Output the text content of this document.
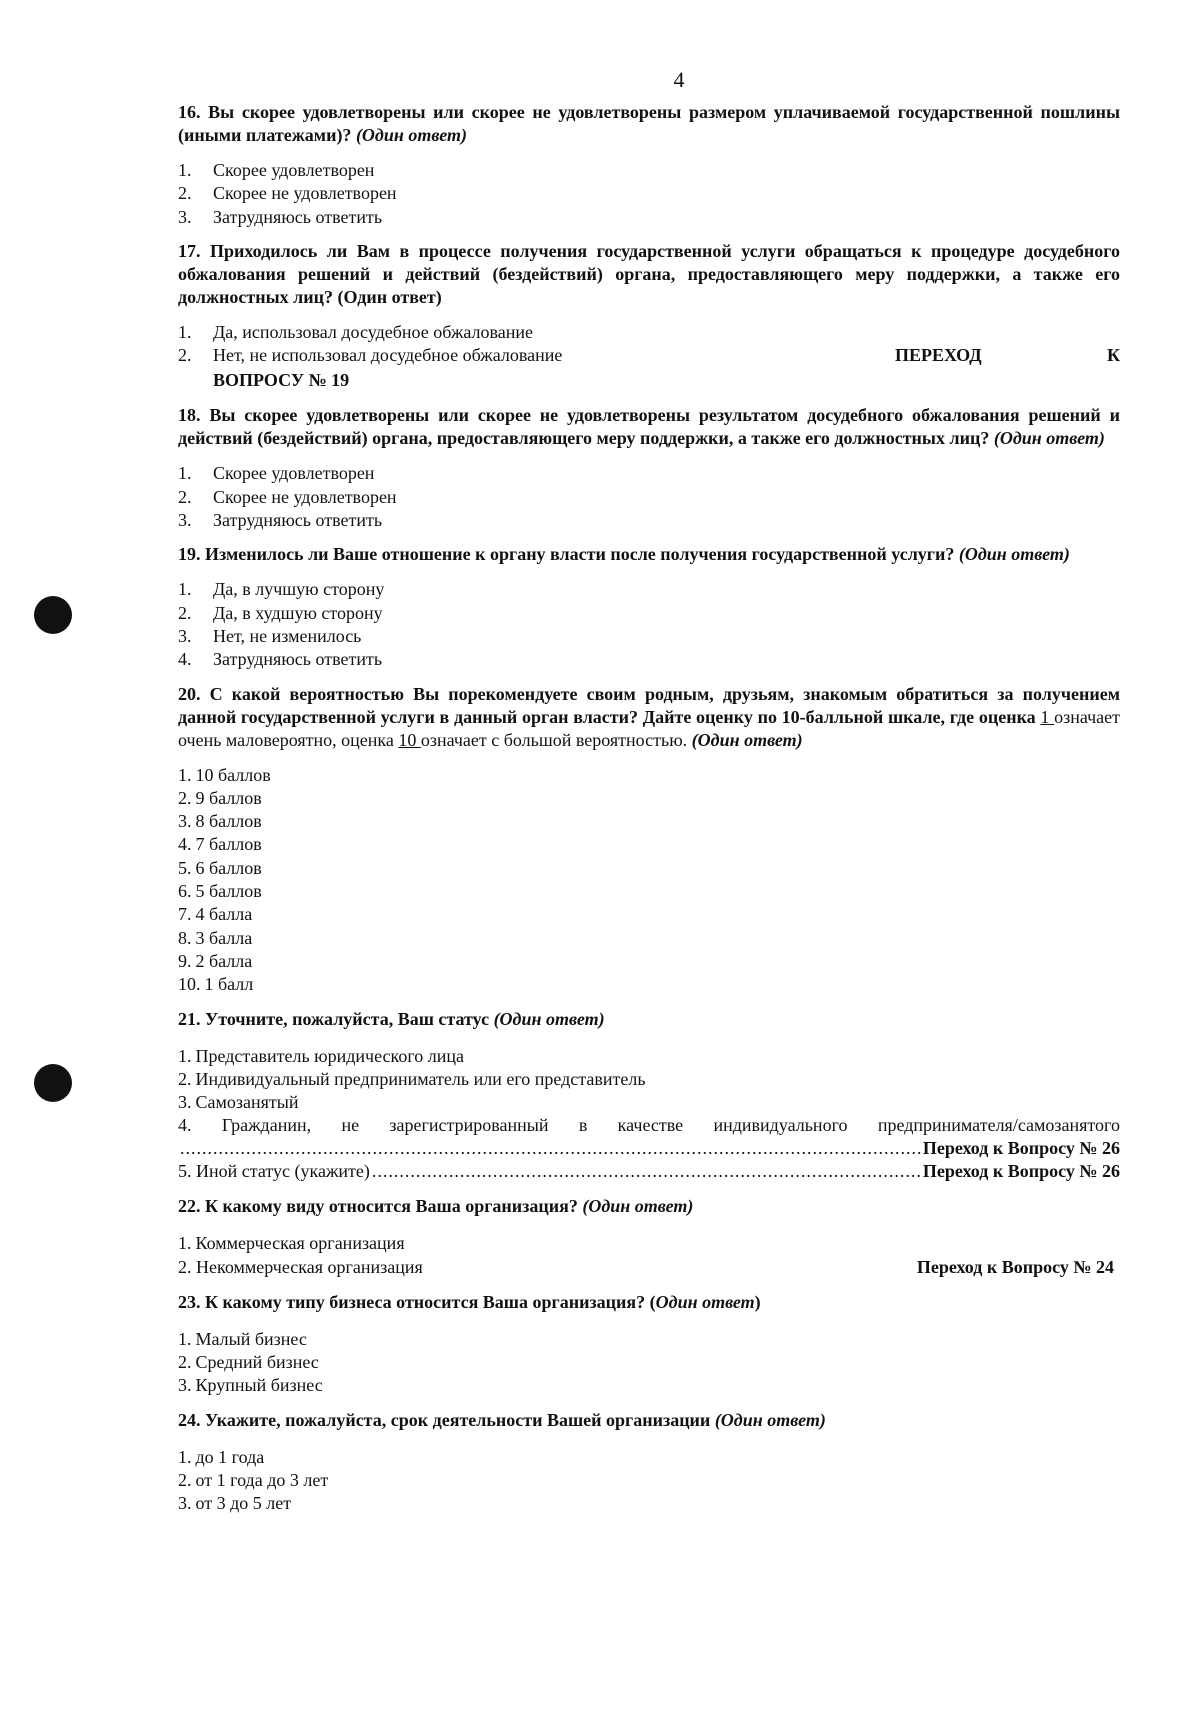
4
16. Вы скорее удовлетворены или скорее не удовлетворены размером уплачиваемой государственной пошлины (иными платежами)? (Один ответ)
1. Скорее удовлетворен
2. Скорее не удовлетворен
3. Затрудняюсь ответить
17. Приходилось ли Вам в процессе получения государственной услуги обращаться к процедуре досудебного обжалования решений и действий (бездействий) органа, предоставляющего меру поддержки, а также его должностных лиц? (Один ответ)
1. Да, использовал досудебное обжалование
2.	Нет, не использовал досудебное обжалование	ПЕРЕХОД	К
ВОПРОСУ № 19
18. Вы скорее удовлетворены или скорее не удовлетворены результатом досудебного обжалования решений и действий (бездействий) органа, предоставляющего меру поддержки, а также его должностных лиц? (Один ответ)
1. Скорее удовлетворен
2. Скорее не удовлетворен
3. Затрудняюсь ответить
19. Изменилось ли Ваше отношение к органу власти после получения государственной услуги? (Один ответ)
1. Да, в лучшую сторону
2. Да, в худшую сторону
3. Нет, не изменилось
4. Затрудняюсь ответить
20. С какой вероятностью Вы порекомендуете своим родным, друзьям, знакомым обратиться за получением данной государственной услуги в данный орган власти? Дайте оценку по 10-балльной шкале, где оценка 1 означает очень маловероятно, оценка 10 означает с большой вероятностью. (Один ответ)
1. 10 баллов
2. 9 баллов
3. 8 баллов
4. 7 баллов
5. 6 баллов
6. 5 баллов
7. 4 балла
8. 3 балла
9. 2 балла
10. 1 балл
21. Уточните, пожалуйста, Ваш статус (Один ответ)
1. Представитель юридического лица
2. Индивидуальный предприниматель или его представитель
3. Самозанятый
4. Гражданин, не зарегистрированный в качестве индивидуального предпринимателя/самозанятого
.....
Переход к Вопросу № 26
5. Иной статус (укажите)
.....	Переход к Вопросу № 26
22. К какому виду относится Ваша организация? (Один ответ)
1. Коммерческая организация
2. Некоммерческая организация	Переход к Вопросу № 24
23. К какому типу бизнеса относится Ваша организация? (Один ответ)
1. Малый бизнес
2. Средний бизнес
3. Крупный бизнес
24. Укажите, пожалуйста, срок деятельности Вашей организации (Один ответ)
1. до 1 года
2. от 1 года до 3 лет
3. от 3 до 5 лет
